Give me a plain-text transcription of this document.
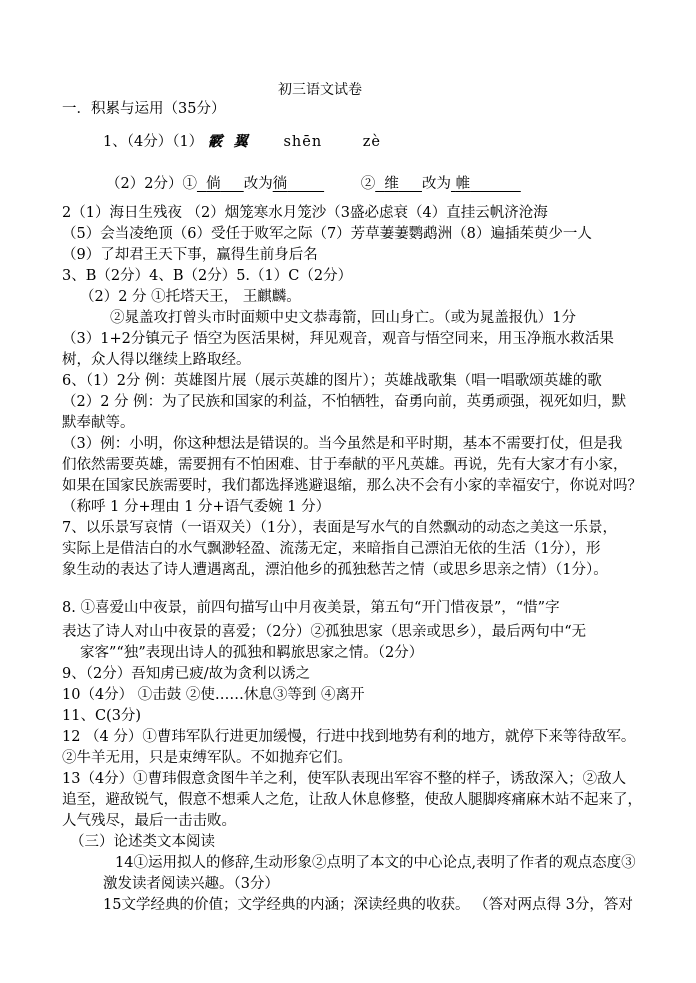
初三语文试卷
一．积累与运用（35分）
1、（4分）（1） 霰 翼 shēn	zè
（2）2分）① 倘 改为徜	② 维 改为 帷
2（1）海日生残夜 （2）烟笼寒水月笼沙（3盛必虑衰（4）直挂云帆济沧海
（5）会当凌绝顶（6）受任于败军之际（7）芳草萋萋鹦鹉洲（8）遍插茱萸少一人
（9）了却君王天下事，赢得生前身后名
3、B（2分）4、B（2分）5.（1）C（2分）
（2）2 分 ①托塔天王， 王麒麟。
②晁盖攻打曾头市时面颊中史文恭毒箭，回山身亡。（或为晁盖报仇）1分
（3）1+2分镇元子 悟空为医活果树，拜见观音，观音与悟空同来，用玉净瓶水救活果
树，众人得以继续上路取经。
6、（1）2分 例：英雄图片展（展示英雄的图片）；英雄战歌集（唱一唱歌颂英雄的歌
（2）2 分 例：为了民族和国家的利益，不怕牺牲，奋勇向前，英勇顽强，视死如归，默
默奉献等。
（3）例：小明，你这种想法是错误的。当今虽然是和平时期，基本不需要打仗，但是我
们依然需要英雄，需要拥有不怕困难、甘于奉献的平凡英雄。再说，先有大家才有小家，
如果在国家民族需要时，我们都选择逃避退缩，那么决不会有小家的幸福安宁，你说对吗？
（称呼 1 分+理由 1 分+语气委婉 1 分）
7、以乐景写哀情（一语双关）（1分），表面是写水气的自然飘动的动态之美这一乐景，
实际上是借洁白的水气飘渺轻盈、流荡无定，来暗指自己漂泊无依的生活（1分），形
象生动的表达了诗人遭遇离乱，漂泊他乡的孤独愁苦之情（或思乡思亲之情）（1分）。
8. ①喜爱山中夜景，前四句描写山中月夜美景，第五句“开门惜夜景”，“惜”字
表达了诗人对山中夜景的喜爱；（2分）②孤独思家（思亲或思乡），最后两句中“无
家客”“独”表现出诗人的孤独和羁旅思家之情。（2分）
9、（2分）吾知虏已疲/故为贪利以诱之
10（4分） ①击鼓 ②使……休息③等到 ④离开
11、C(3分)
12 （4 分）①曹玮军队行进更加缓慢，行进中找到地势有利的地方，就停下来等待敌军。
②牛羊无用，只是束缚军队。不如抛弃它们。
13（4分）①曹玮假意贪图牛羊之利，使军队表现出军容不整的样子，诱敌深入；②敌人
追至，避敌锐气，假意不想乘人之危，让敌人休息修整，使敌人腿脚疼痛麻木站不起来了，
人气残尽，最后一击击败。
（三）论述类文本阅读
14①运用拟人的修辞,生动形象②点明了本文的中心论点,表明了作者的观点态度③
激发读者阅读兴趣。（3分）
15文学经典的价值；文学经典的内涵；深读经典的收获。 （答对两点得 3分，答对
